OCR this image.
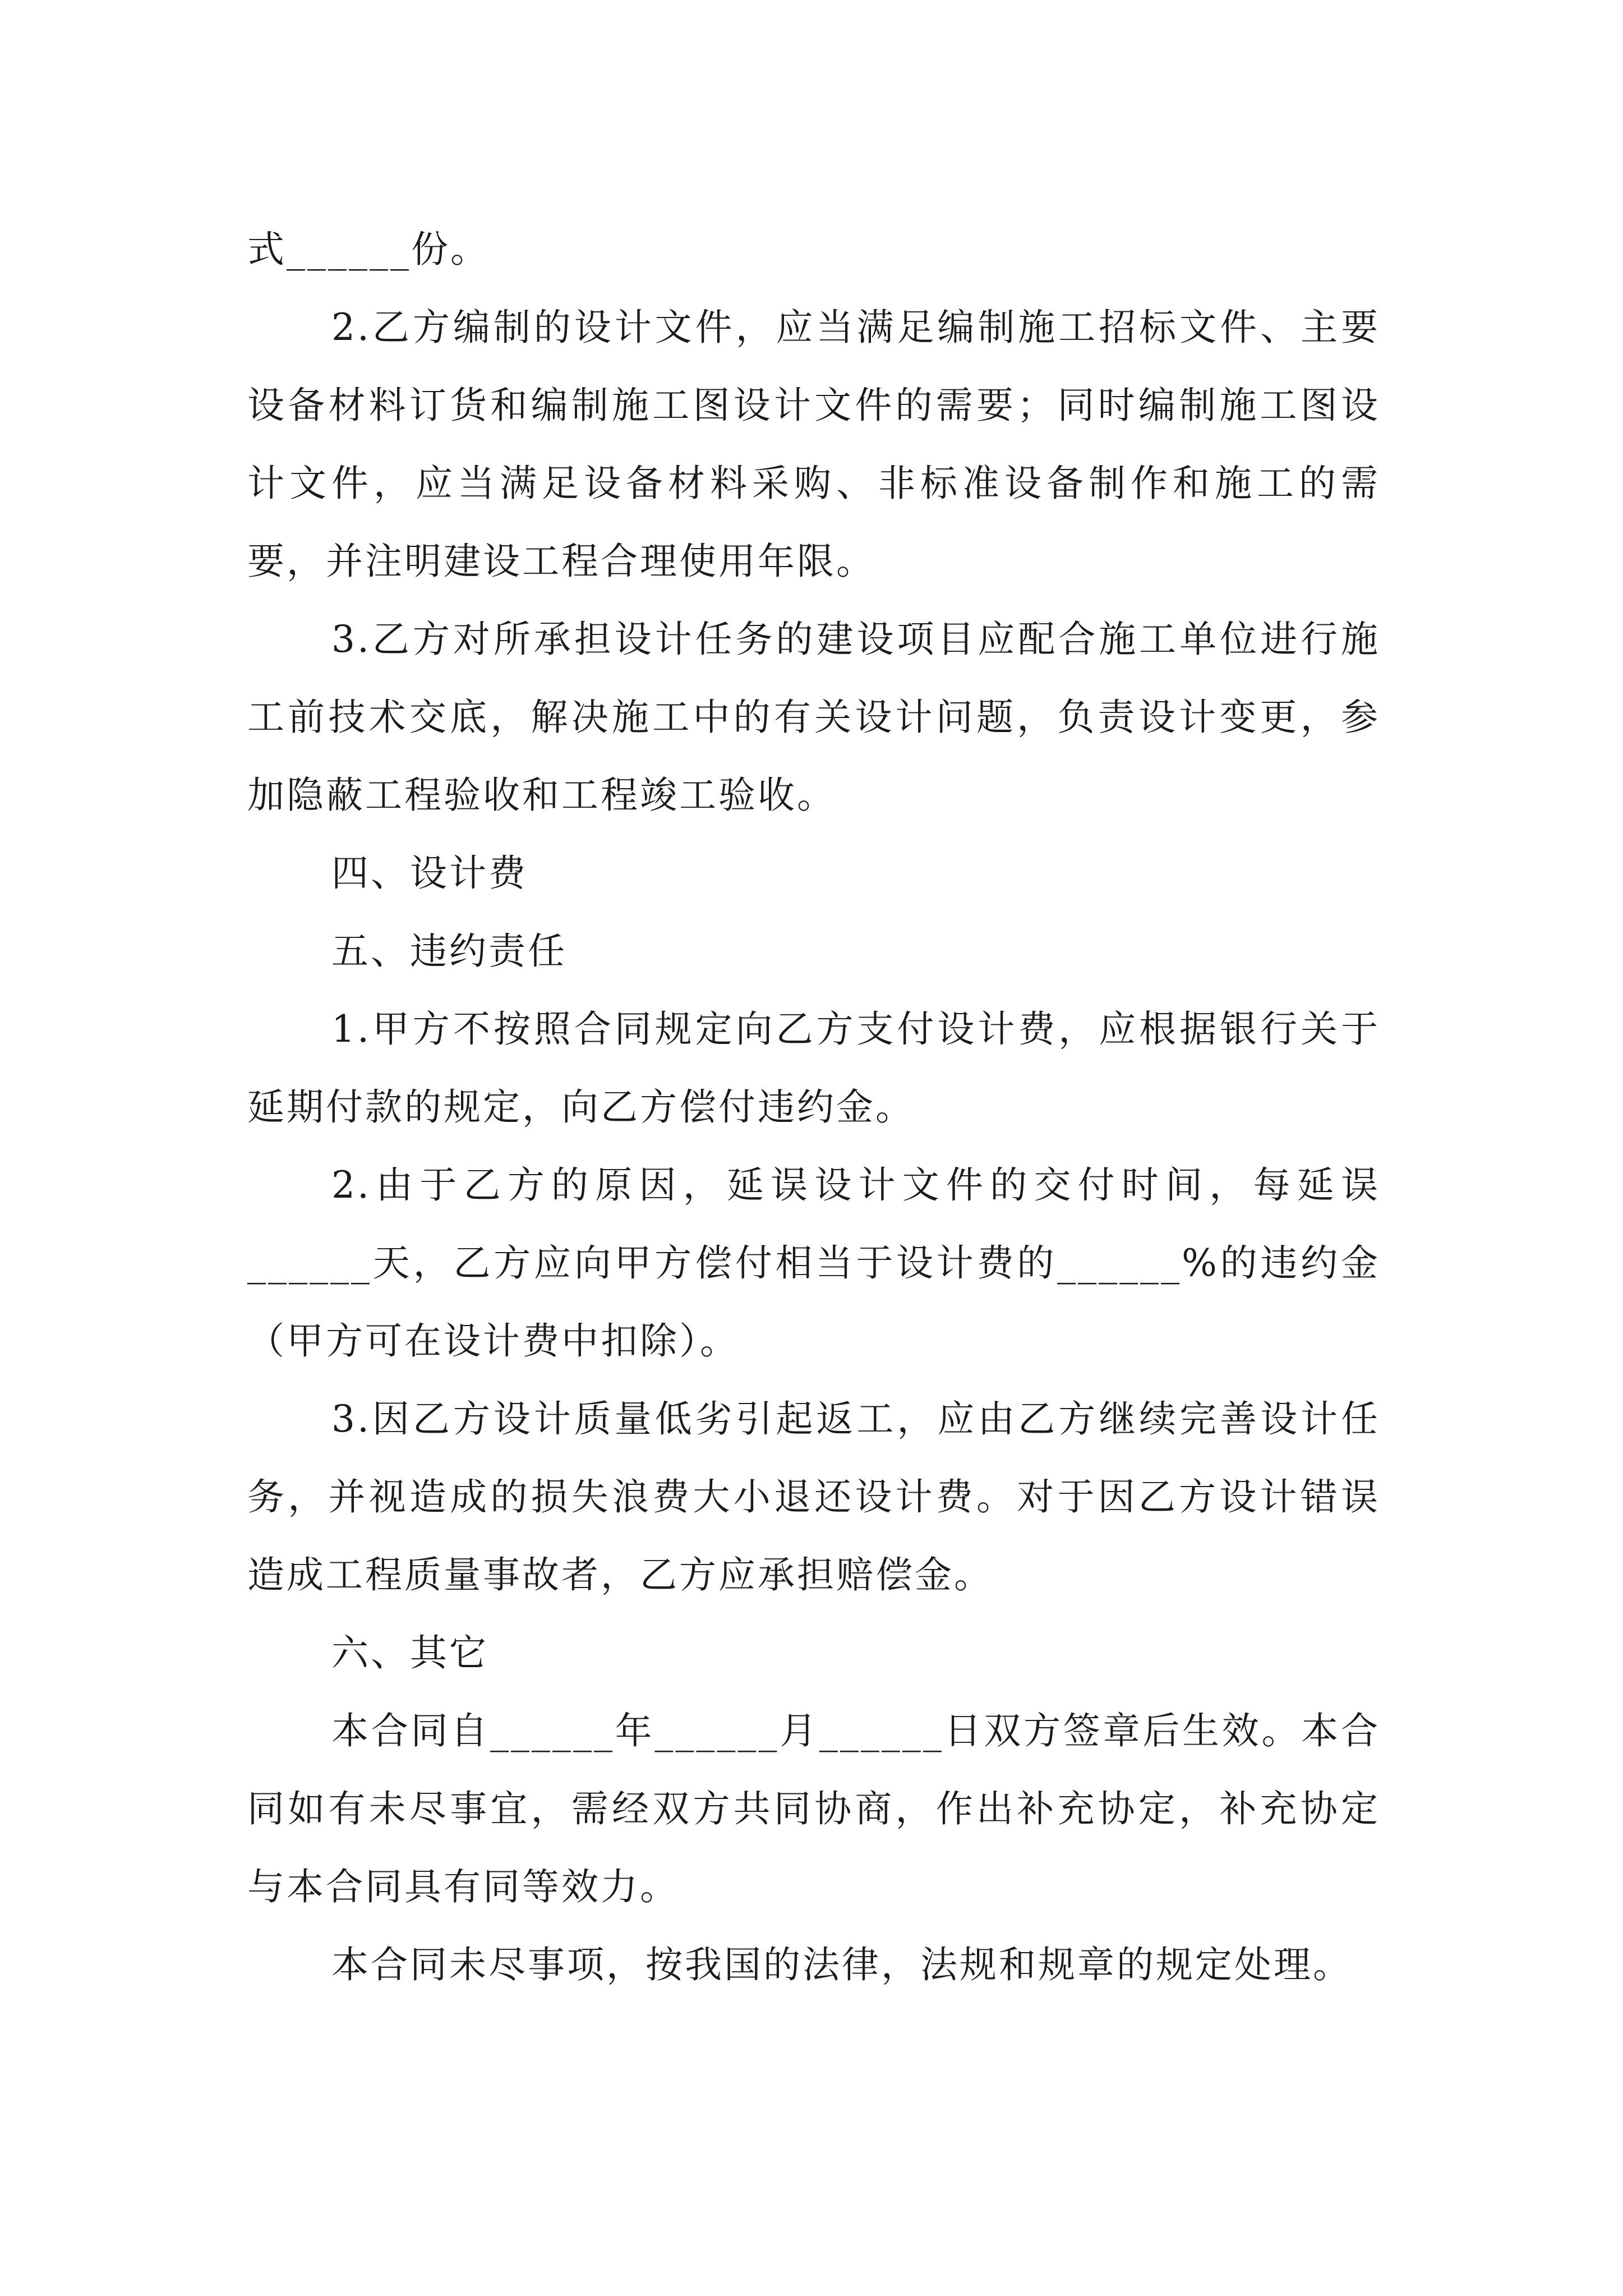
式______份。

2.乙方编制的设计文件，应当满足编制施工招标文件、主要设备材料订货和编制施工图设计文件的需要；同时编制施工图设计文件，应当满足设备材料采购、非标准设备制作和施工的需要，并注明建设工程合理使用年限。

3.乙方对所承担设计任务的建设项目应配合施工单位进行施工前技术交底，解决施工中的有关设计问题，负责设计变更，参加隐蔽工程验收和工程竣工验收。

四、设计费

五、违约责任

1.甲方不按照合同规定向乙方支付设计费，应根据银行关于延期付款的规定，向乙方偿付违约金。

2.由于乙方的原因，延误设计文件的交付时间，每延误______天，乙方应向甲方偿付相当于设计费的______%的违约金（甲方可在设计费中扣除）。

3.因乙方设计质量低劣引起返工，应由乙方继续完善设计任务，并视造成的损失浪费大小退还设计费。对于因乙方设计错误造成工程质量事故者，乙方应承担赔偿金。

六、其它

本合同自______年______月______日双方签章后生效。本合同如有未尽事宜，需经双方共同协商，作出补充协定，补充协定与本合同具有同等效力。

本合同未尽事项，按我国的法律，法规和规章的规定处理。
